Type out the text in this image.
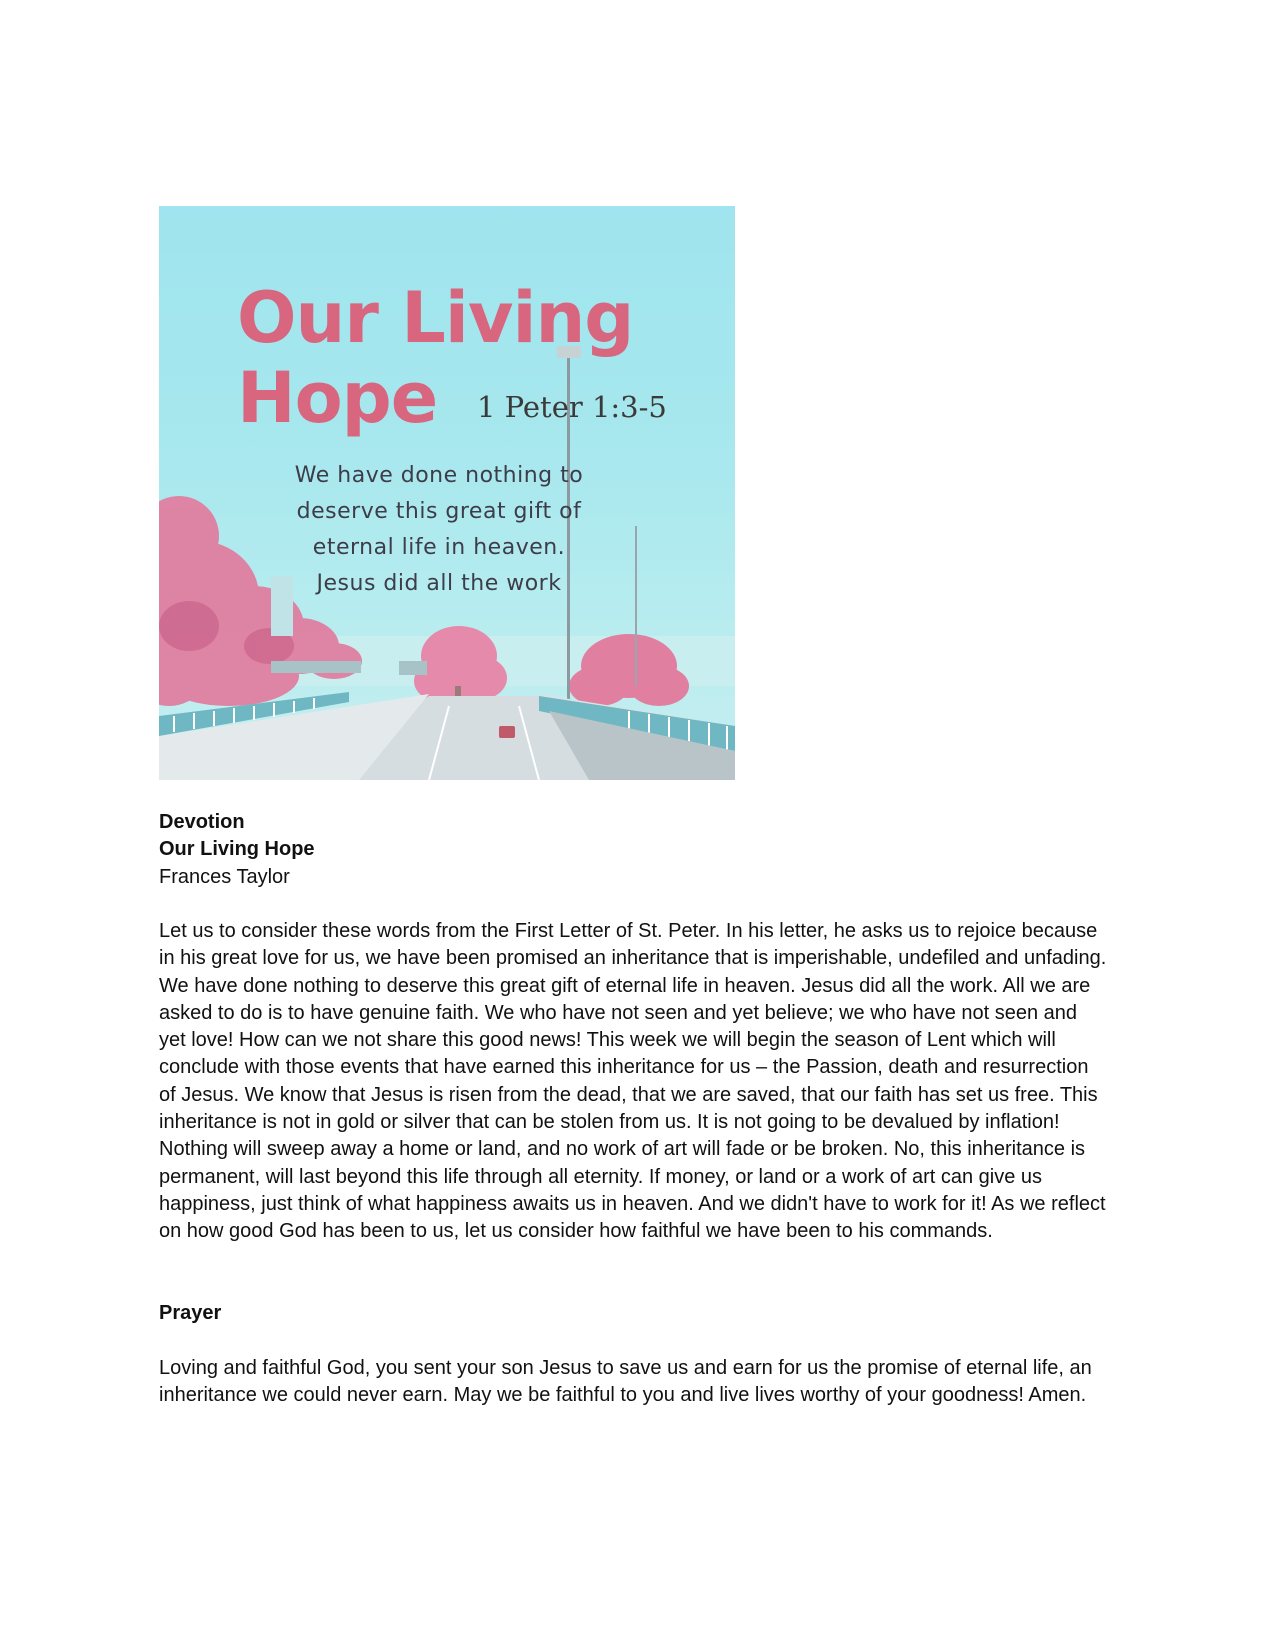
Our Living
Hope	1 Peter 1:3-5

We have done nothing to
deserve this great gift of
eternal life in heaven.
Jesus did all the work

Devotion
Our Living Hope
Frances Taylor

Let us to consider these words from the First Letter of St. Peter. In his letter, he asks us to rejoice because in his great love for us, we have been promised an inheritance that is imperishable, undefiled and unfading. We have done nothing to deserve this great gift of eternal life in heaven. Jesus did all the work. All we are asked to do is to have genuine faith. We who have not seen and yet believe; we who have not seen and yet love! How can we not share this good news! This week we will begin the season of Lent which will conclude with those events that have earned this inheritance for us – the Passion, death and resurrection of Jesus. We know that Jesus is risen from the dead, that we are saved, that our faith has set us free. This inheritance is not in gold or silver that can be stolen from us. It is not going to be devalued by inflation! Nothing will sweep away a home or land, and no work of art will fade or be broken. No, this inheritance is permanent, will last beyond this life through all eternity. If money, or land or a work of art can give us happiness, just think of what happiness awaits us in heaven. And we didn't have to work for it! As we reflect on how good God has been to us, let us consider how faithful we have been to his commands.

Prayer

Loving and faithful God, you sent your son Jesus to save us and earn for us the promise of eternal life, an inheritance we could never earn. May we be faithful to you and live lives worthy of your goodness! Amen.
